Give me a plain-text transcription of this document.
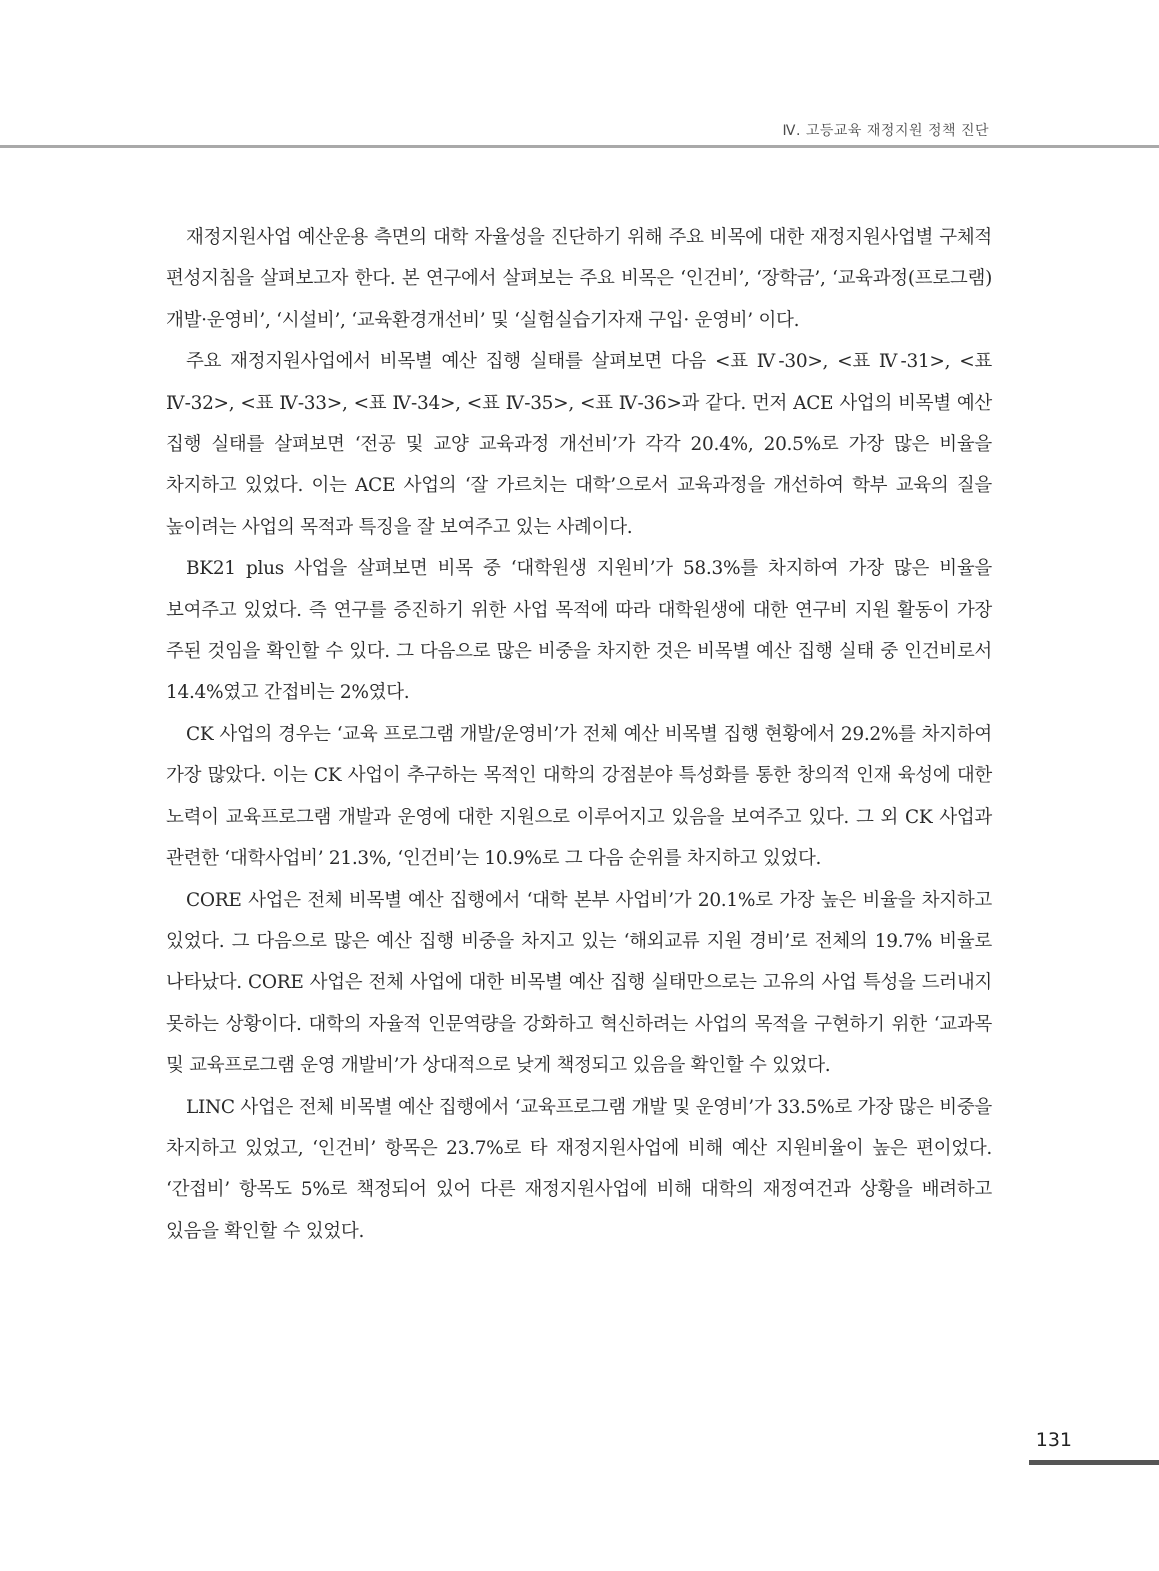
Ⅳ. 고등교육 재정지원 정책 진단

재정지원사업 예산운용 측면의 대학 자율성을 진단하기 위해 주요 비목에 대한 재정지원사업별 구체적 편성지침을 살펴보고자 한다. 본 연구에서 살펴보는 주요 비목은 ‘인건비’, ‘장학금’, ‘교육과정(프로그램) 개발·운영비’, ‘시설비’, ‘교육환경개선비’ 및 ‘실험실습기자재 구입· 운영비’ 이다.

주요 재정지원사업에서 비목별 예산 집행 실태를 살펴보면 다음 <표 Ⅳ-30>, <표 Ⅳ-31>, <표 Ⅳ-32>, <표 Ⅳ-33>, <표 Ⅳ-34>, <표 Ⅳ-35>, <표 Ⅳ-36>과 같다. 먼저 ACE 사업의 비목별 예산 집행 실태를 살펴보면 ‘전공 및 교양 교육과정 개선비’가 각각 20.4%, 20.5%로 가장 많은 비율을 차지하고 있었다. 이는 ACE 사업의 ‘잘 가르치는 대학’으로서 교육과정을 개선하여 학부 교육의 질을 높이려는 사업의 목적과 특징을 잘 보여주고 있는 사례이다.

BK21 plus 사업을 살펴보면 비목 중 ‘대학원생 지원비’가 58.3%를 차지하여 가장 많은 비율을 보여주고 있었다. 즉 연구를 증진하기 위한 사업 목적에 따라 대학원생에 대한 연구비 지원 활동이 가장 주된 것임을 확인할 수 있다. 그 다음으로 많은 비중을 차지한 것은 비목별 예산 집행 실태 중 인건비로서 14.4%였고 간접비는 2%였다.

CK 사업의 경우는 ‘교육 프로그램 개발/운영비’가 전체 예산 비목별 집행 현황에서 29.2%를 차지하여 가장 많았다. 이는 CK 사업이 추구하는 목적인 대학의 강점분야 특성화를 통한 창의적 인재 육성에 대한 노력이 교육프로그램 개발과 운영에 대한 지원으로 이루어지고 있음을 보여주고 있다. 그 외 CK 사업과 관련한 ‘대학사업비’ 21.3%, ‘인건비’는 10.9%로 그 다음 순위를 차지하고 있었다.

CORE 사업은 전체 비목별 예산 집행에서 ‘대학 본부 사업비’가 20.1%로 가장 높은 비율을 차지하고 있었다. 그 다음으로 많은 예산 집행 비중을 차지고 있는 ‘해외교류 지원 경비’로 전체의 19.7% 비율로 나타났다. CORE 사업은 전체 사업에 대한 비목별 예산 집행 실태만으로는 고유의 사업 특성을 드러내지 못하는 상황이다. 대학의 자율적 인문역량을 강화하고 혁신하려는 사업의 목적을 구현하기 위한 ‘교과목 및 교육프로그램 운영 개발비’가 상대적으로 낮게 책정되고 있음을 확인할 수 있었다.

LINC 사업은 전체 비목별 예산 집행에서 ‘교육프로그램 개발 및 운영비’가 33.5%로 가장 많은 비중을 차지하고 있었고, ‘인건비’ 항목은 23.7%로 타 재정지원사업에 비해 예산 지원비율이 높은 편이었다. ‘간접비’ 항목도 5%로 책정되어 있어 다른 재정지원사업에 비해 대학의 재정여건과 상황을 배려하고 있음을 확인할 수 있었다.

131
